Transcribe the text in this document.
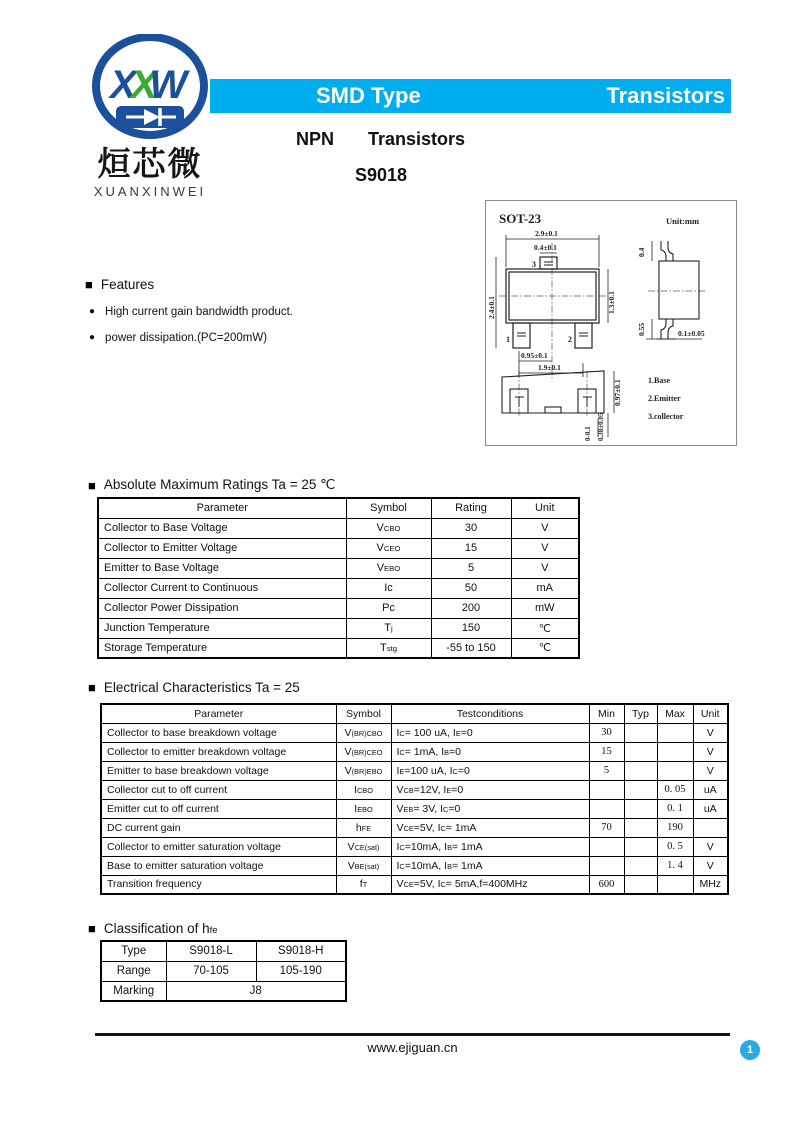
XXW
烜芯微
XUANXINWEI
SMD Type	Transistors
NPN Transistors
S9018
■ Features
● High current gain bandwidth product.
● power dissipation.(PC=200mW)
SOT-23	Unit:mm
3
1	2
2.9±0.1
0.4±0.1
2.4±0.1	1.3±0.1
0.95±0.1
1.9±0.1
0.4
0.55	0.1±0.05
0.97±0.1
0-0.1 0.38±0.05
1.Base
2.Emitter
3.collector
■ Absolute Maximum Ratings Ta = 25 ℃
Parameter	Symbol	Rating	Unit
Collector to Base Voltage	VCBO	30	V
Collector to Emitter Voltage	VCEO	15	V
Emitter to Base Voltage	VEBO	5	V
Collector Current to Continuous	Ic	50	mA
Collector Power Dissipation	Pc	200	mW
Junction Temperature	Tj	150	℃
Storage Temperature	Tstg	-55 to 150	℃
■ Electrical Characteristics Ta = 25
Parameter	Symbol	Testconditions	Min	Typ	Max	Unit
Collector to base breakdown voltage	V(BR)CBO	IC= 100 uA, IE=0	30			V
Collector to emitter breakdown voltage	V(BR)CEO	IC= 1mA, IB=0	15			V
Emitter to base breakdown voltage	V(BR)EBO	IE=100 uA, IC=0	5			V
Collector cut to off current	ICBO	VCB=12V, IE=0			0. 05	uA
Emitter cut to off current	IEBO	VEB= 3V, IC=0			0. 1	uA
DC current gain	hFE	VCE=5V, IC= 1mA	70		190	
Collector to emitter saturation voltage	VCE(sat)	IC=10mA, IB= 1mA			0. 5	V
Base to emitter saturation voltage	VBE(sat)	IC=10mA, IB= 1mA			1. 4	V
Transition frequency	fT	VCE=5V, IC= 5mA,f=400MHz	600			MHz
■ Classification of hfe
Type	S9018-L	S9018-H
Range	70-105	105-190
Marking	J8	
www.ejiguan.cn	1
